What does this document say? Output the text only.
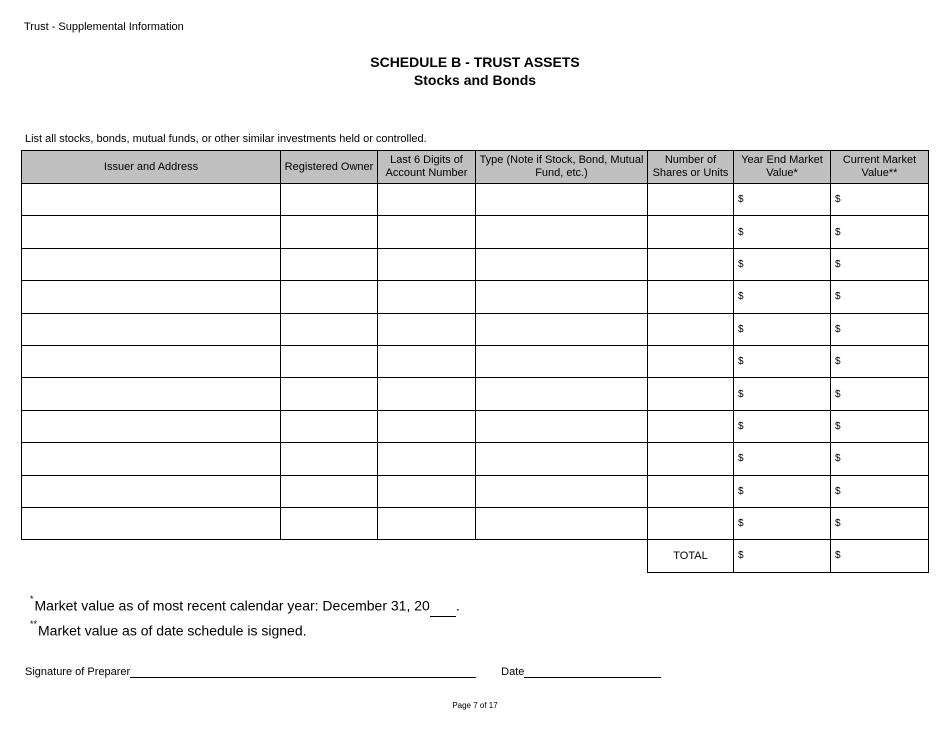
Trust - Supplemental Information
SCHEDULE B - TRUST ASSETS
Stocks and Bonds
List all stocks, bonds, mutual funds, or other similar investments held or controlled.
Issuer and Address	Registered Owner	Last 6 Digits of Account Number	Type (Note if Stock, Bond, Mutual Fund, etc.)	Number of Shares or Units	Year End Market Value*	Current Market Value**
					$	$
					$	$
					$	$
					$	$
					$	$
					$	$
					$	$
					$	$
					$	$
					$	$
					$	$
				TOTAL	$	$
*Market value as of most recent calendar year: December 31, 20 .
**Market value as of date schedule is signed.
Signature of Preparer	Date
Page 7 of 17
